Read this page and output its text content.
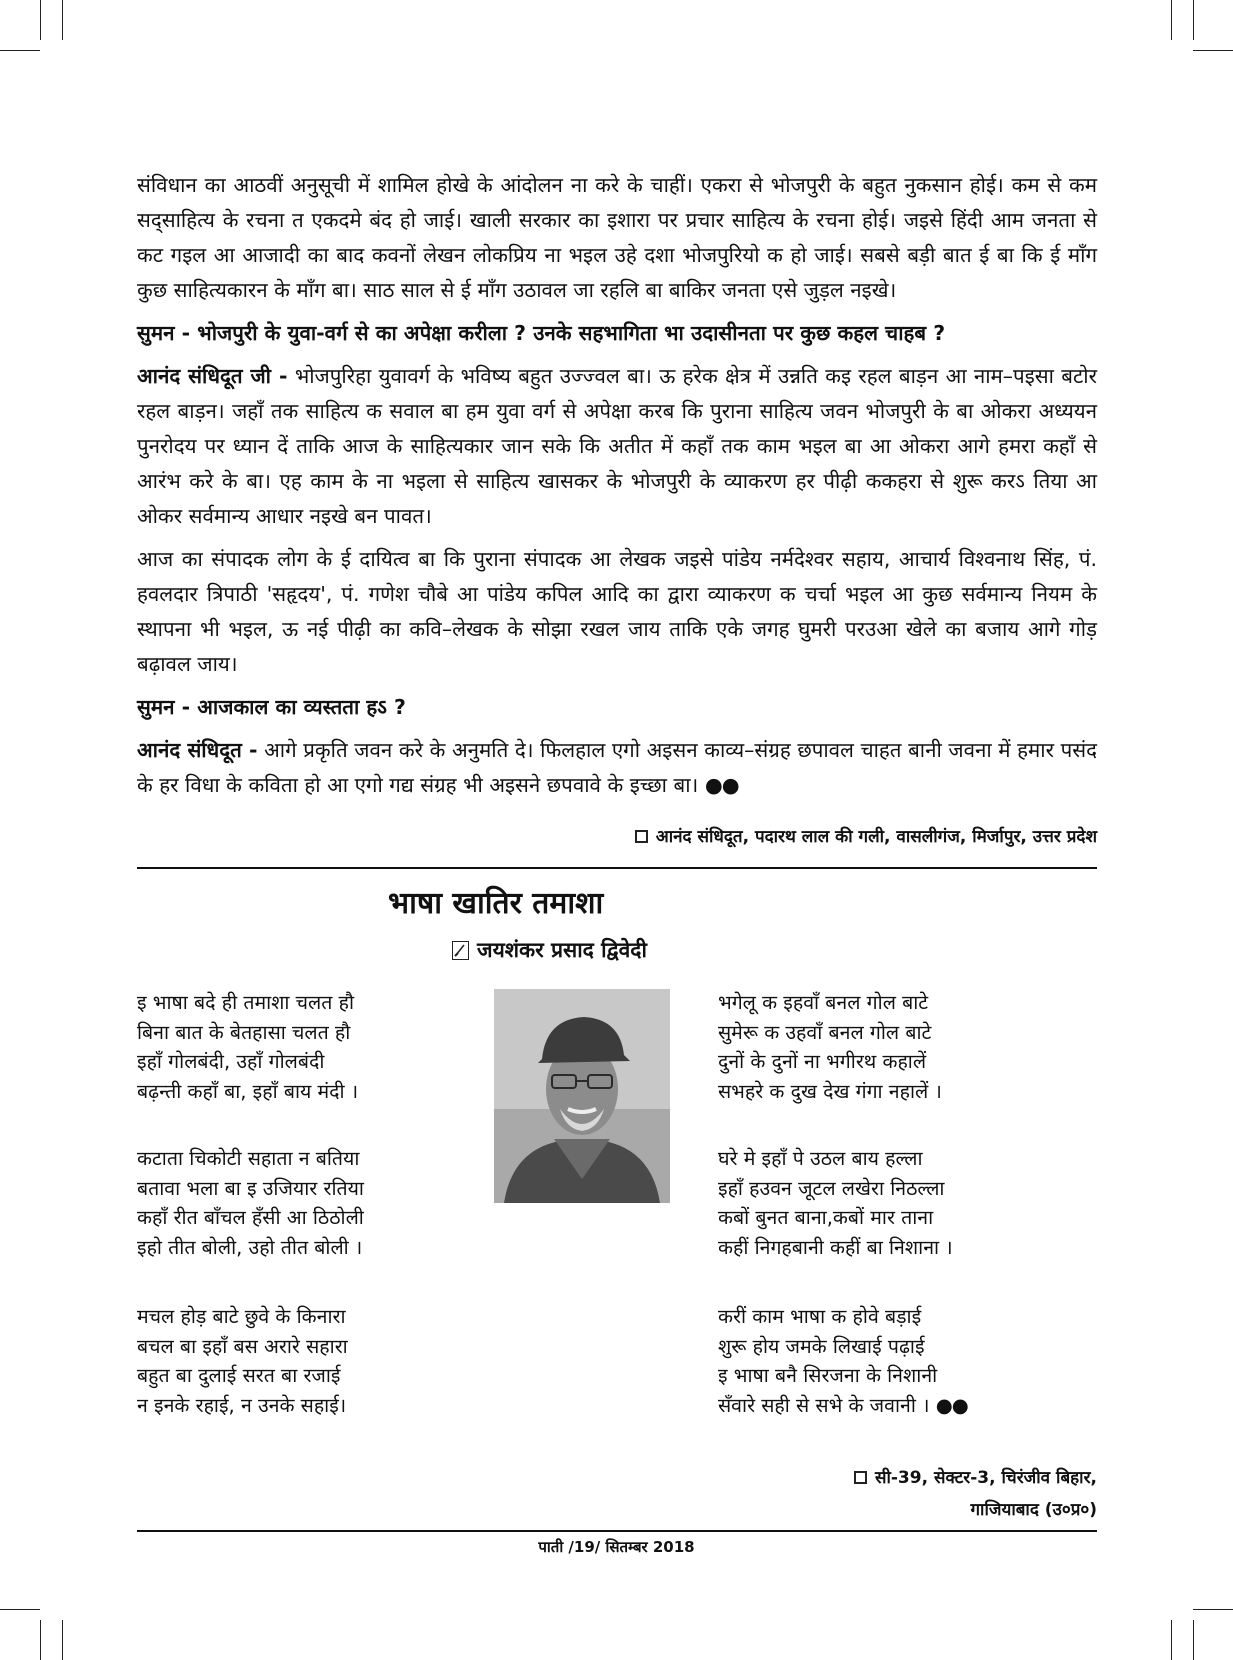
संविधान का आठवीं अनुसूची में शामिल होखे के आंदोलन ना करे के चाहीं। एकरा से भोजपुरी के बहुत नुकसान होई। कम से कम सद्साहित्य के रचना त एकदमे बंद हो जाई। खाली सरकार का इशारा पर प्रचार साहित्य के रचना होई। जइसे हिंदी आम जनता से कट गइल आ आजादी का बाद कवनों लेखन लोकप्रिय ना भइल उहे दशा भोजपुरियो क हो जाई। सबसे बड़ी बात ई बा कि ई माँग कुछ साहित्यकारन के माँग बा। साठ साल से ई माँग उठावल जा रहलि बा बाकिर जनता एसे जुड़ल नइखे।

सुमन - भोजपुरी के युवा-वर्ग से का अपेक्षा करीला ? उनके सहभागिता भा उदासीनता पर कुछ कहल चाहब ?

आनंद संधिदूत जी - भोजपुरिहा युवावर्ग के भविष्य बहुत उज्ज्वल बा। ऊ हरेक क्षेत्र में उन्नति कइ रहल बाड़न आ नाम–पइसा बटोर रहल बाड़न। जहाँ तक साहित्य क सवाल बा हम युवा वर्ग से अपेक्षा करब कि पुराना साहित्य जवन भोजपुरी के बा ओकरा अध्ययन पुनरोदय पर ध्यान दें ताकि आज के साहित्यकार जान सके कि अतीत में कहाँ तक काम भइल बा आ ओकरा आगे हमरा कहाँ से आरंभ करे के बा। एह काम के ना भइला से साहित्य खासकर के भोजपुरी के व्याकरण हर पीढ़ी ककहरा से शुरू करऽ तिया आ ओकर सर्वमान्य आधार नइखे बन पावत।

आज का संपादक लोग के ई दायित्व बा कि पुराना संपादक आ लेखक जइसे पांडेय नर्मदेश्वर सहाय, आचार्य विश्वनाथ सिंह, पं. हवलदार त्रिपाठी 'सहृदय', पं. गणेश चौबे आ पांडेय कपिल आदि का द्वारा व्याकरण क चर्चा भइल आ कुछ सर्वमान्य नियम के स्थापना भी भइल, ऊ नई पीढ़ी का कवि–लेखक के सोझा रखल जाय ताकि एके जगह घुमरी परउआ खेले का बजाय आगे गोड़ बढ़ावल जाय।

सुमन - आजकाल का व्यस्तता हऽ ?

आनंद संधिदूत - आगे प्रकृति जवन करे के अनुमति दे। फिलहाल एगो अइसन काव्य–संग्रह छपावल चाहत बानी जवना में हमार पसंद के हर विधा के कविता हो आ एगो गद्य संग्रह भी अइसने छपवावे के इच्छा बा। ●●

आनंद संधिदूत, पदारथ लाल की गली, वासलीगंज, मिर्जापुर, उत्तर प्रदेश
भाषा खातिर तमाशा
जयशंकर प्रसाद द्विवेदी
इ भाषा बदे ही तमाशा चलत हौ
बिना बात के बेतहासा चलत हौ
इहाँ गोलबंदी, उहाँ गोलबंदी
बढ़न्ती कहाँ बा, इहाँ बाय मंदी ।
कटाता चिकोटी सहाता न बतिया
बतावा भला बा इ उजियार रतिया
कहाँ रीत बाँचल हँसी आ ठिठोली
इहो तीत बोली, उहो तीत बोली ।
मचल होड़ बाटे छुवे के किनारा
बचल बा इहाँ बस अरारे सहारा
बहुत बा दुलाई सरत बा रजाई
न इनके रहाई, न उनके सहाई।
भगेलू क इहवाँ बनल गोल बाटे
सुमेरू क उहवाँ बनल गोल बाटे
दुनों के दुनों ना भगीरथ कहालें
सभहरे क दुख देख गंगा नहालें ।
घरे मे इहाँ पे उठल बाय हल्ला
इहाँ हउवन जूटल लखेरा निठल्ला
कबों बुनत बाना,कबों मार ताना
कहीं निगहबानी कहीं बा निशाना ।
करीं काम भाषा क होवे बड़ाई
शुरू होय जमके लिखाई पढ़ाई
इ भाषा बनै सिरजना के निशानी
सँवारे सही से सभे के जवानी । ●●
सी-39, सेक्टर-3, चिरंजीव बिहार,
गाजियाबाद (उ०प्र०)
पाती /19/ सितम्बर 2018
